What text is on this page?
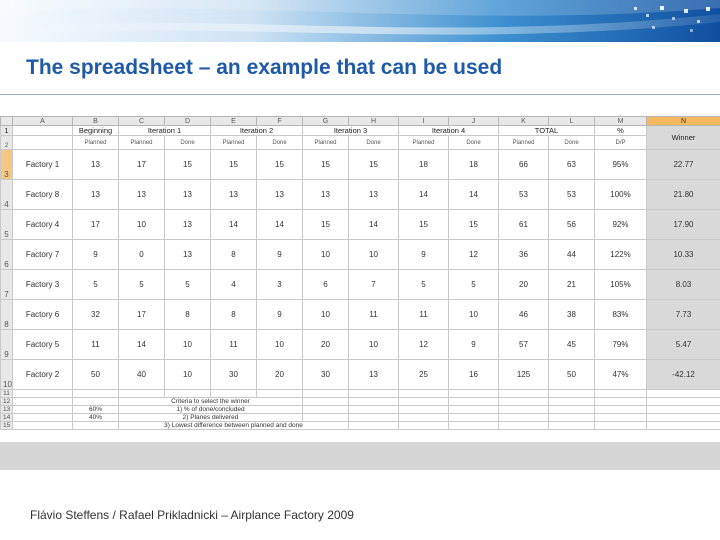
The spreadsheet – an example that can be used
	A	B	C	D	E	F	G	H	I	J	K	L	M	N
1		Beginning	Iteration 1		Iteration 2		Iteration 3		Iteration 4		TOTAL		%	Winner
2		Planned	Planned	Done	Planned	Done	Planned	Done	Planned	Done	Planned	Done	D/P	
3	Factory 1	13	17	15	15	15	15	15	18	18	66	63	95%	22.77
4	Factory 8	13	13	13	13	13	13	13	14	14	53	53	100%	21.80
5	Factory 4	17	10	13	14	14	15	14	15	15	61	56	92%	17.90
6	Factory 7	9	0	13	8	9	10	10	9	12	36	44	122%	10.33
7	Factory 3	5	5	5	4	3	6	7	5	5	20	21	105%	8.03
8	Factory 6	32	17	8	8	9	10	11	11	10	46	38	83%	7.73
9	Factory 5	11	14	10	11	10	20	10	12	9	57	45	79%	5.47
10	Factory 2	50	40	10	30	20	30	13	25	16	125	50	47%	-42.12
11														
12			Criteria to select the winner											
13		60%	1) % of done/concluded											
14		40%	2) Planes delivered											
15			3) Lowest difference between planned and done											
Flávio Steffens / Rafael Prikladnicki – Airplance Factory 2009
